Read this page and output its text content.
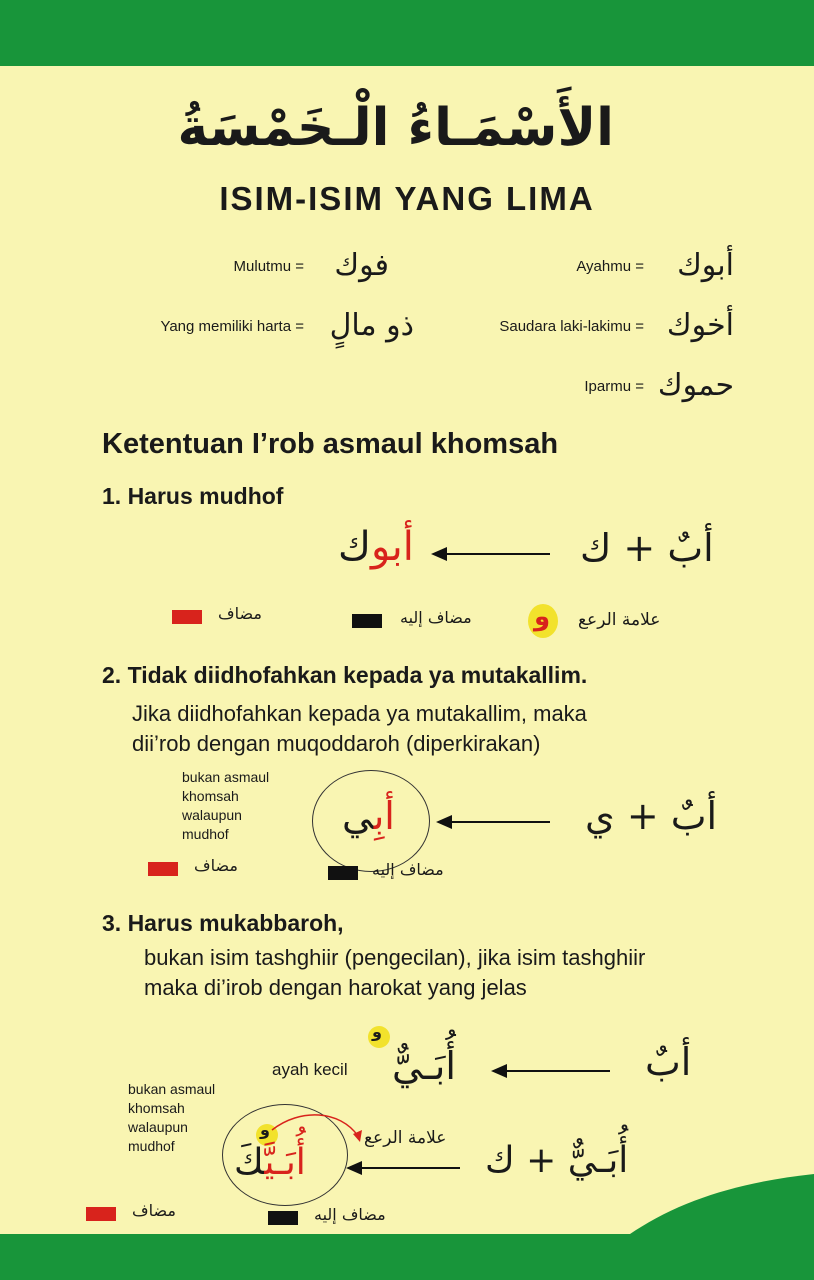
الأَسْمَـاءُ الْـخَمْسَةُ
ISIM-ISIM YANG LIMA
Ayahmu = أبوك
Mulutmu = فوك
Saudara laki-lakimu = أخوك
Yang memiliki harta = ذو مالٍ
Iparmu = حموك
Ketentuan I’rob asmaul khomsah
1. Harus mudhof
أبٌ + ك
أبوك
مضاف	مضاف إليه و علامة الرعع
2. Tidak diidhofahkan kepada ya mutakallim.
Jika diidhofahkan kepada ya mutakallim, maka
dii’rob dengan muqoddaroh (diperkirakan)
bukan asmaul
khomsah
walaupun
mudhof	أبِي	أبٌ + ي
مضاف	مضاف إليه
3. Harus mukabbaroh,
bukan isim tashghiir (pengecilan), jika isim tashghiir
maka di’irob dengan harokat yang jelas
ayah kecil
و
أُبَـيٌّ	أبٌ
bukan asmaul
khomsah
walaupun
mudhof
و	علامة الرعع
أُبَـيَّكَ	أُبَـيٌّ + ك
مضاف	مضاف إليه
